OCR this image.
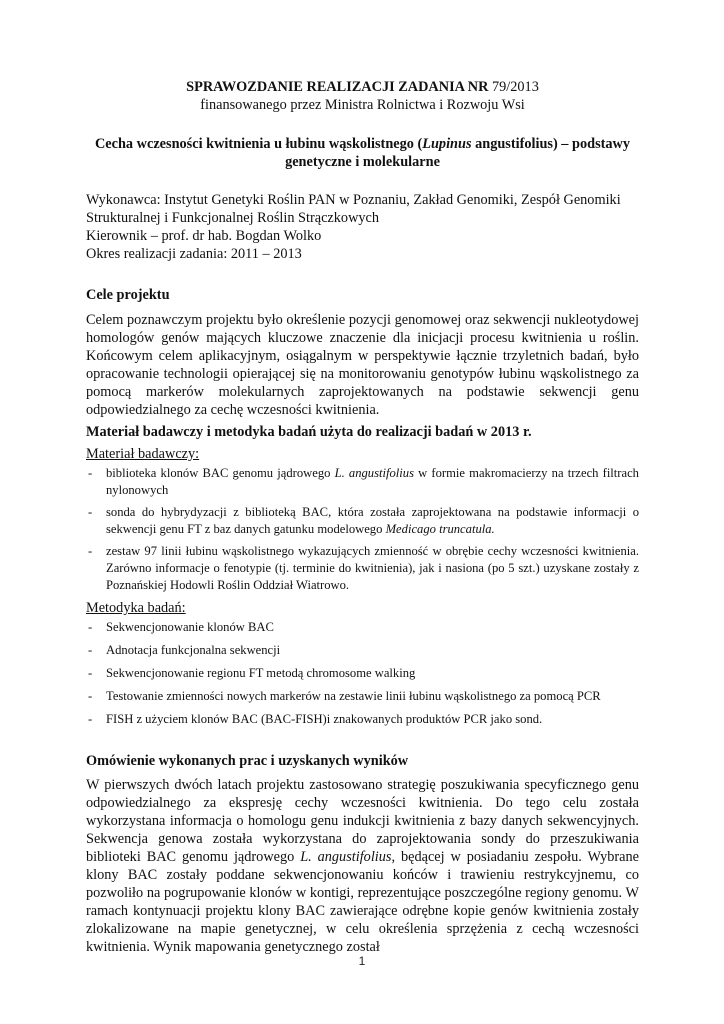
SPRAWOZDANIE REALIZACJI ZADANIA NR 79/2013
finansowanego przez Ministra Rolnictwa i Rozwoju Wsi
Cecha wczesności kwitnienia u łubinu wąskolistnego (Lupinus angustifolius) – podstawy genetyczne i molekularne
Wykonawca: Instytut Genetyki Roślin PAN w Poznaniu, Zakład Genomiki, Zespół Genomiki Strukturalnej i Funkcjonalnej Roślin Strączkowych
Kierownik – prof. dr hab. Bogdan Wolko
Okres realizacji zadania: 2011 – 2013
Cele projektu

Celem poznawczym projektu było określenie pozycji genomowej oraz sekwencji nukleotydowej homologów genów mających kluczowe znaczenie dla inicjacji procesu kwitnienia u roślin. Końcowym celem aplikacyjnym, osiągalnym w perspektywie łącznie trzyletnich badań, było opracowanie technologii opierającej się na monitorowaniu genotypów łubinu wąskolistnego za pomocą markerów molekularnych zaprojektowanych na podstawie sekwencji genu odpowiedzialnego za cechę wczesności kwitnienia.

Materiał badawczy i metodyka badań użyta do realizacji badań w 2013 r.
Materiał badawczy:
- biblioteka klonów BAC genomu jądrowego L. angustifolius w formie makromacierzy na trzech filtrach nylonowych
- sonda do hybrydyzacji z biblioteką BAC, która została zaprojektowana na podstawie informacji o sekwencji genu FT z baz danych gatunku modelowego Medicago truncatula.
- zestaw 97 linii łubinu wąskolistnego wykazujących zmienność w obrębie cechy wczesności kwitnienia. Zarówno informacje o fenotypie (tj. terminie do kwitnienia), jak i nasiona (po 5 szt.) uzyskane zostały z Poznańskiej Hodowli Roślin Oddział Wiatrowo.
Metodyka badań:
- Sekwencjonowanie klonów BAC
- Adnotacja funkcjonalna sekwencji
- Sekwencjonowanie regionu FT metodą chromosome walking
- Testowanie zmienności nowych markerów na zestawie linii łubinu wąskolistnego za pomocą PCR
- FISH z użyciem klonów BAC (BAC-FISH)i znakowanych produktów PCR jako sond.
Omówienie wykonanych prac i uzyskanych wyników

W pierwszych dwóch latach projektu zastosowano strategię poszukiwania specyficznego genu odpowiedzialnego za ekspresję cechy wczesności kwitnienia. Do tego celu została wykorzystana informacja o homologu genu indukcji kwitnienia z bazy danych sekwencyjnych. Sekwencja genowa została wykorzystana do zaprojektowania sondy do przeszukiwania biblioteki BAC genomu jądrowego L. angustifolius, będącej w posiadaniu zespołu. Wybrane klony BAC zostały poddane sekwencjonowaniu końców i trawieniu restrykcyjnemu, co pozwoliło na pogrupowanie klonów w kontigi, reprezentujące poszczególne regiony genomu. W ramach kontynuacji projektu klony BAC zawierające odrębne kopie genów kwitnienia zostały zlokalizowane na mapie genetycznej, w celu określenia sprzężenia z cechą wczesności kwitnienia. Wynik mapowania genetycznego został

1
